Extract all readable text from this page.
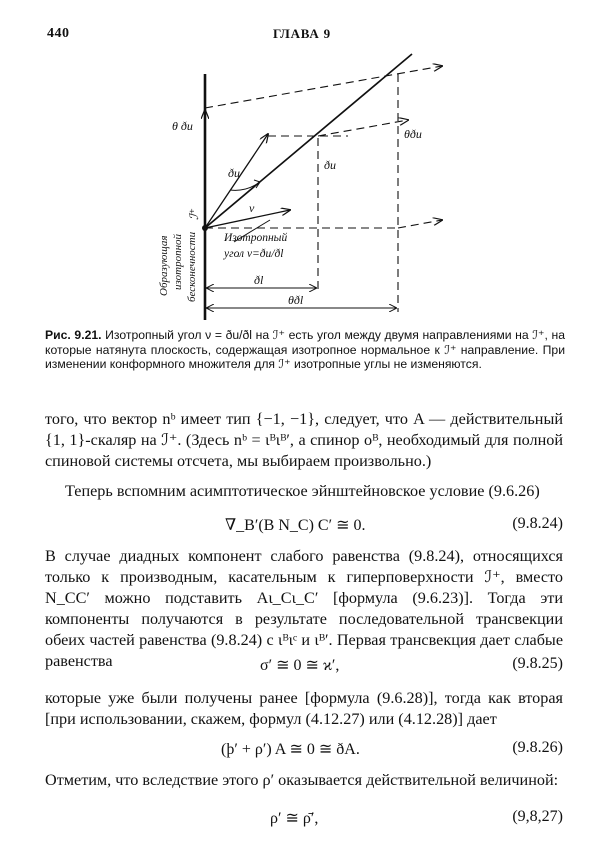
440	ГЛАВА 9
θ ðu
ðu
ðu
θðu
ν
ℐ⁺
Изотропный
угол ν=ðu/ðl
Образующая изотропной бесконечности	ðl
θðl
Рис. 9.21. Изотропный угол ν = ðu/ðl на ℐ⁺ есть угол между двумя направлениями на ℐ⁺, на которые натянута плоскость, содержащая изотропное нормальное к ℐ⁺ направление. При изменении конформного множителя для ℐ⁺ изотропные углы не изменяются.
того, что вектор nᵇ имеет тип {−1, −1}, следует, что A — действительный {1, 1}-скаляр на ℐ⁺. (Здесь nᵇ = ιᴮιᴮ′, а спинор oᴮ, необходимый для полной спиновой системы отсчета, мы выбираем произвольно.)
Теперь вспомним асимптотическое эйнштейновское условие (9.6.26)
∇_B′(B N_C) C′ ≅ 0.	(9.8.24)
В случае диадных компонент слабого равенства (9.8.24), относящихся только к производным, касательным к гиперповерхности ℐ⁺, вместо N_CC′ можно подставить Aι_Cι_C′ [формула (9.6.23)]. Тогда эти компоненты получаются в результате последовательной трансвекции обеих частей равенства (9.8.24) с ιᴮιᶜ и ιᴮ′. Первая трансвекция дает слабые равенства	σ′ ≅ 0 ≅ ϰ′,	(9.8.25)
которые уже были получены ранее [формула (9.6.28)], тогда как вторая [при использовании, скажем, формул (4.12.27) или (4.12.28)] дает
(þ′ + ρ′) A ≅ 0 ≅ ðA.	(9.8.26)
Отметим, что вследствие этого ρ′ оказывается действительной величиной:
ρ′ ≅ ρ̄′,	(9,8,27)
